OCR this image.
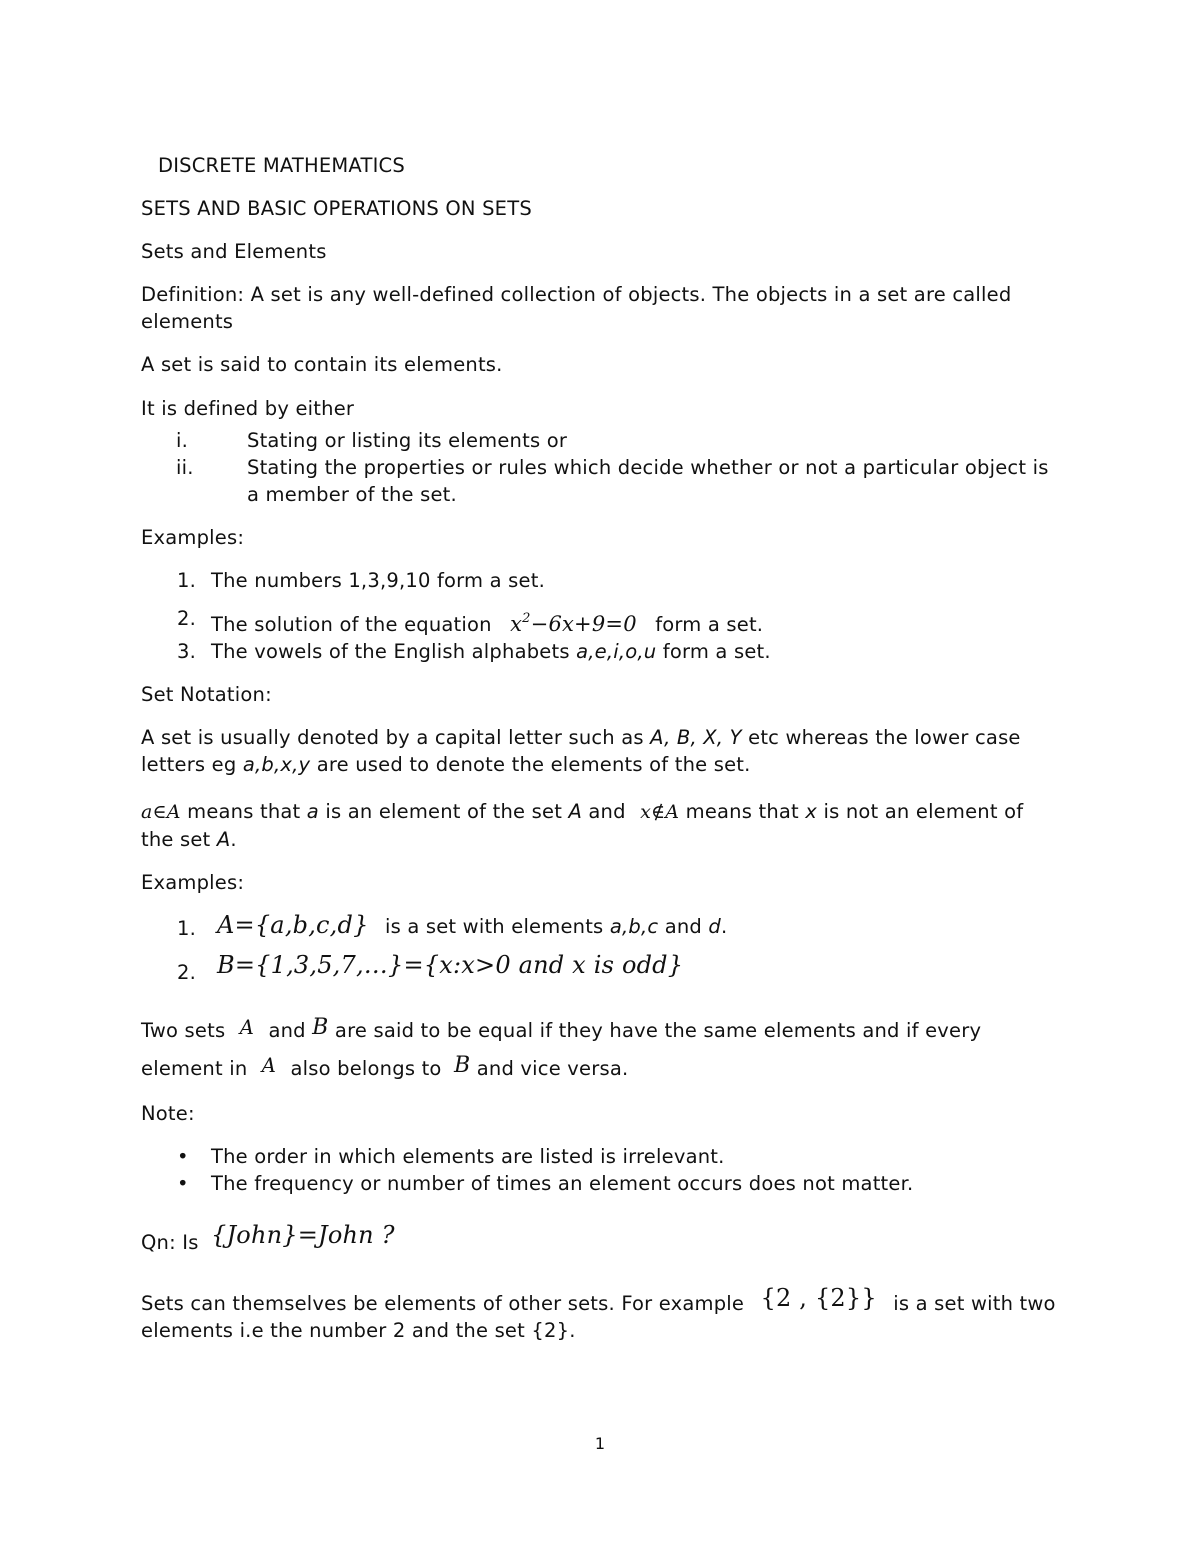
DISCRETE MATHEMATICS

SETS AND BASIC OPERATIONS ON SETS

Sets and Elements

Definition: A set is any well-defined collection of objects. The objects in a set are called elements

A set is said to contain its elements.

It is defined by either

i.	Stating or listing its elements or
ii.	Stating the properties or rules which decide whether or not a particular object is a member of the set.

Examples:

1. The numbers 1,3,9,10 form a set.
2. The solution of the equation $x^2-6x+9=0$ form a set.
3. The vowels of the English alphabets a,e,i,o,u form a set.

Set Notation:

A set is usually denoted by a capital letter such as A, B, X, Y etc whereas the lower case letters eg a,b,x,y are used to denote the elements of the set.

a∈A means that a is an element of the set A and x∉A means that x is not an element of the set A.

Examples:

1. A={a,b,c,d} is a set with elements a,b,c and d.
2. B={1,3,5,7,…}={x:x>0 and x is odd}

Two sets A and B are said to be equal if they have the same elements and if every element in A also belongs to B and vice versa.

Note:

• The order in which elements are listed is irrelevant.
• The frequency or number of times an element occurs does not matter.

Qn: Is {John}=John ?

Sets can themselves be elements of other sets. For example {2 , {2}} is a set with two elements i.e the number 2 and the set {2}.

1
